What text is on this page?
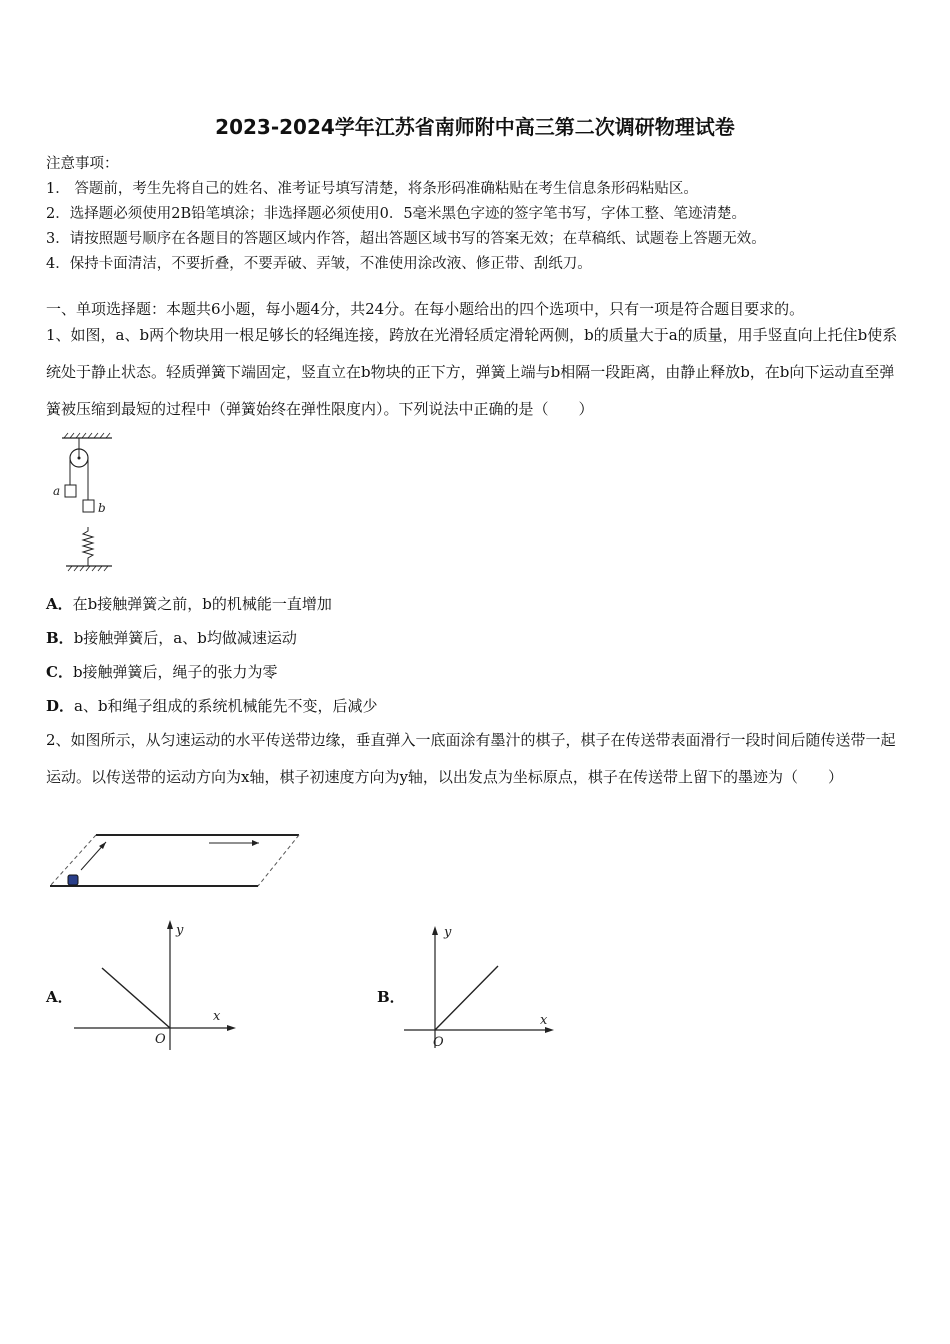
2023-2024学年江苏省南师附中高三第二次调研物理试卷
注意事项：
1． 答题前，考生先将自己的姓名、准考证号填写清楚，将条形码准确粘贴在考生信息条形码粘贴区。
2．选择题必须使用2B铅笔填涂；非选择题必须使用0．5毫米黑色字迹的签字笔书写，字体工整、笔迹清楚。
3．请按照题号顺序在各题目的答题区域内作答，超出答题区域书写的答案无效；在草稿纸、试题卷上答题无效。
4．保持卡面清洁，不要折叠，不要弄破、弄皱，不准使用涂改液、修正带、刮纸刀。
一、单项选择题：本题共6小题，每小题4分，共24分。在每小题给出的四个选项中，只有一项是符合题目要求的。
1、如图，a、b两个物块用一根足够长的轻绳连接，跨放在光滑轻质定滑轮两侧，b的质量大于a的质量，用手竖直向上托住b使系统处于静止状态。轻质弹簧下端固定，竖直立在b物块的正下方，弹簧上端与b相隔一段距离，由静止释放b，在b向下运动直至弹簧被压缩到最短的过程中（弹簧始终在弹性限度内）。下列说法中正确的是（　　）
a
b
A．在b接触弹簧之前，b的机械能一直增加
B．b接触弹簧后，a、b均做减速运动
C．b接触弹簧后，绳子的张力为零
D．a、b和绳子组成的系统机械能先不变，后减少
2、如图所示，从匀速运动的水平传送带边缘，垂直弹入一底面涂有墨汁的棋子，棋子在传送带表面滑行一段时间后随传送带一起运动。以传送带的运动方向为x轴，棋子初速度方向为y轴，以出发点为坐标原点，棋子在传送带上留下的墨迹为（　　）
A．
y
x
O
B．
y
x
O
